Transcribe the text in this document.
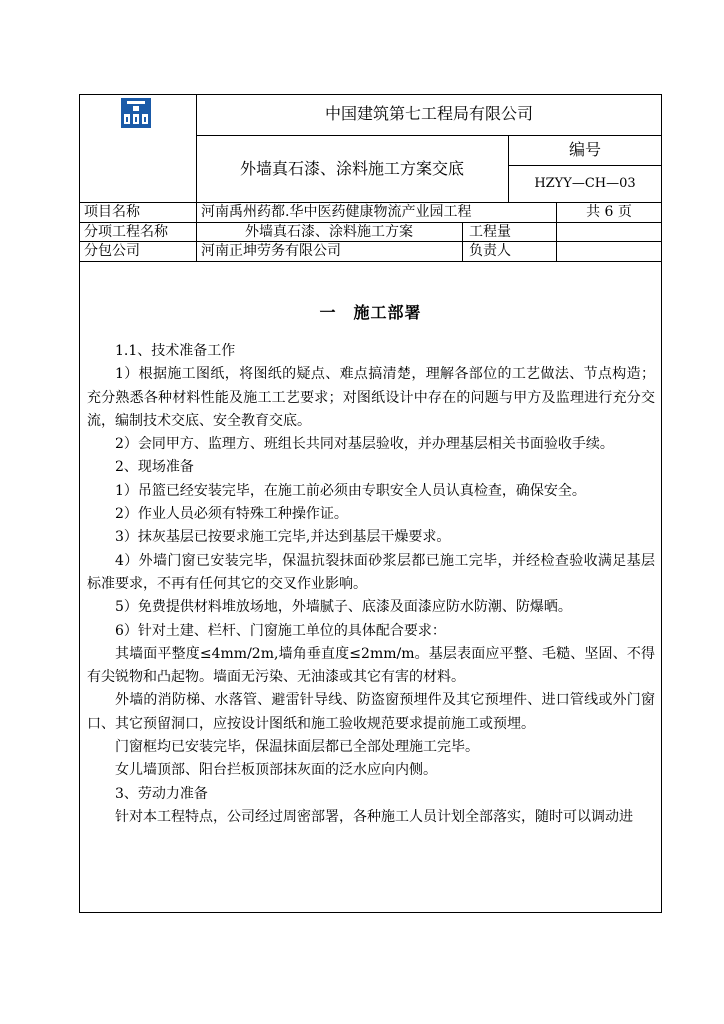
中国建筑第七工程局有限公司
外墙真石漆、涂料施工方案交底
编号
HZYY—CH—03
项目名称	河南禹州药都.华中医药健康物流产业园工程	共 6 页
分项工程名称	外墙真石漆、涂料施工方案	工程量
分包公司	河南正坤劳务有限公司	负责人
一　施工部署

1.1、技术准备工作

1）根据施工图纸，将图纸的疑点、难点搞清楚，理解各部位的工艺做法、节点构造；充分熟悉各种材料性能及施工工艺要求；对图纸设计中存在的问题与甲方及监理进行充分交流，编制技术交底、安全教育交底。

2）会同甲方、监理方、班组长共同对基层验收，并办理基层相关书面验收手续。

2、现场准备

1）吊篮已经安装完毕，在施工前必须由专职安全人员认真检查，确保安全。

2）作业人员必须有特殊工种操作证。

3）抹灰基层已按要求施工完毕,并达到基层干燥要求。

4）外墙门窗已安装完毕，保温抗裂抹面砂浆层都已施工完毕，并经检查验收满足基层标准要求，不再有任何其它的交叉作业影响。

5）免费提供材料堆放场地，外墙腻子、底漆及面漆应防水防潮、防爆晒。

6）针对土建、栏杆、门窗施工单位的具体配合要求：

其墙面平整度≤4mm/2m,墙角垂直度≤2mm/m。基层表面应平整、毛糙、坚固、不得有尖锐物和凸起物。墙面无污染、无油漆或其它有害的材料。

外墙的消防梯、水落管、避雷针导线、防盗窗预埋件及其它预埋件、进口管线或外门窗口、其它预留洞口，应按设计图纸和施工验收规范要求提前施工或预埋。

门窗框均已安装完毕，保温抹面层都已全部处理施工完毕。

女儿墙顶部、阳台拦板顶部抹灰面的泛水应向内侧。

3、劳动力准备

针对本工程特点，公司经过周密部署，各种施工人员计划全部落实，随时可以调动进
